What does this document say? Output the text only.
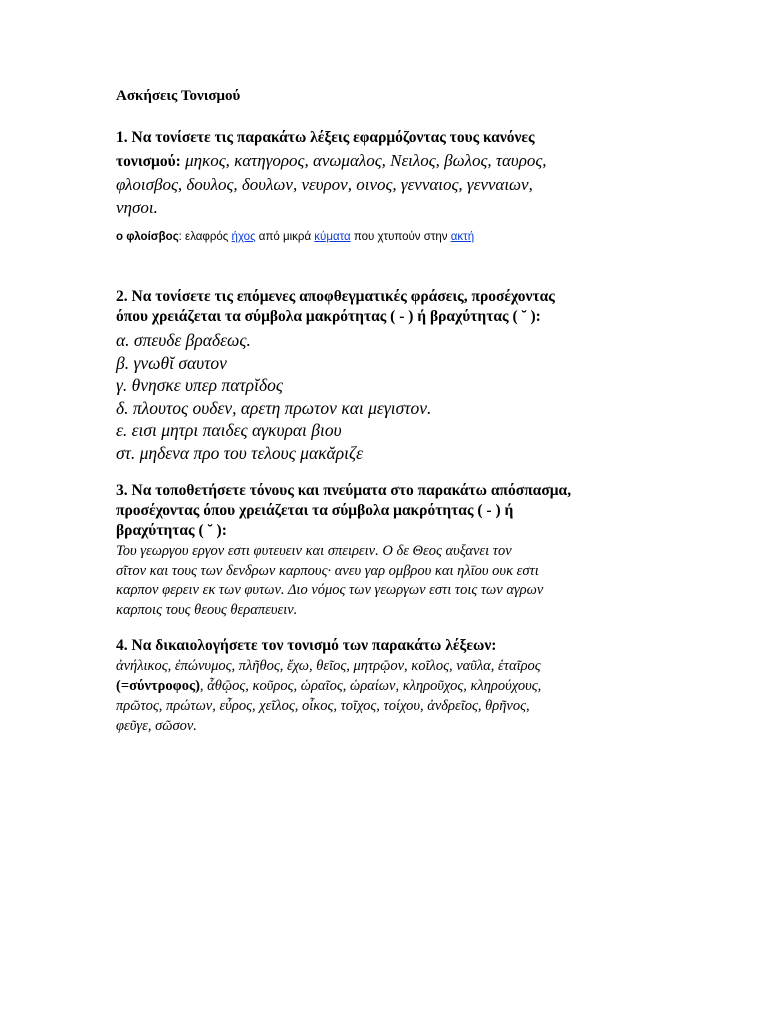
Ασκήσεις Τονισμού
1. Να τονίσετε τις παρακάτω λέξεις εφαρμόζοντας τους κανόνες
τονισμού: μηκος, κατηγορος, ανωμαλος, Νειλος, βωλος, ταυρος,
φλοισβος, δουλος, δουλων, νευρον, οινος, γενναιος, γενναιων,
νησοι.
ο φλοίσβος: ελαφρός ήχος από μικρά κύματα που χτυπούν στην ακτή
2. Να τονίσετε τις επόμενες αποφθεγματικές φράσεις, προσέχοντας
όπου χρειάζεται τα σύμβολα μακρότητας ( - ) ή βραχύτητας ( ˘ ):
α. σπευδε βραδεως.
β. γνωθῐ σαυτον
γ. θνησκε υπερ πατρῐδος
δ. πλουτος ουδεν, αρετη πρωτον και μεγιστον.
ε. εισι μητρι παιδες αγκυραι βιου
στ. μηδενα προ του τελους μακᾰριζε
3. Να τοποθετήσετε τόνους και πνεύματα στο παρακάτω απόσπασμα,
προσέχοντας όπου χρειάζεται τα σύμβολα μακρότητας ( - ) ή
βραχύτητας ( ˘ ):
Του γεωργου εργον εστι φυτευειν και σπειρειν. Ο δε Θεος αυξανει τον
σῖτον και τους των δενδρων καρπους· ανευ γαρ ομβρου και ηλῑου ουκ εστι
καρπον φερειν εκ των φυτων. Διο νόμος των γεωργων εστι τοις των αγρων
καρποις τους θεους θεραπευειν.
4. Να δικαιολογήσετε τον τονισμό των παρακάτω λέξεων:
ἀνήλικος, ἐπώνυμος, πλῆθος, ἔχω, θεῖος, μητρῷον, κοῖλος, ναῦλα, ἑταῖρος
(=σύντροφος), ἆθῷος, κοῦρος, ὡραῖος, ὡραίων, κληροῦχος, κληρούχους,
πρῶτος, πρώτων, εὖρος, χεῖλος, οἶκος, τοῖχος, τοίχου, ἀνδρεῖος, θρῆνος,
φεῦγε, σῶσον.
